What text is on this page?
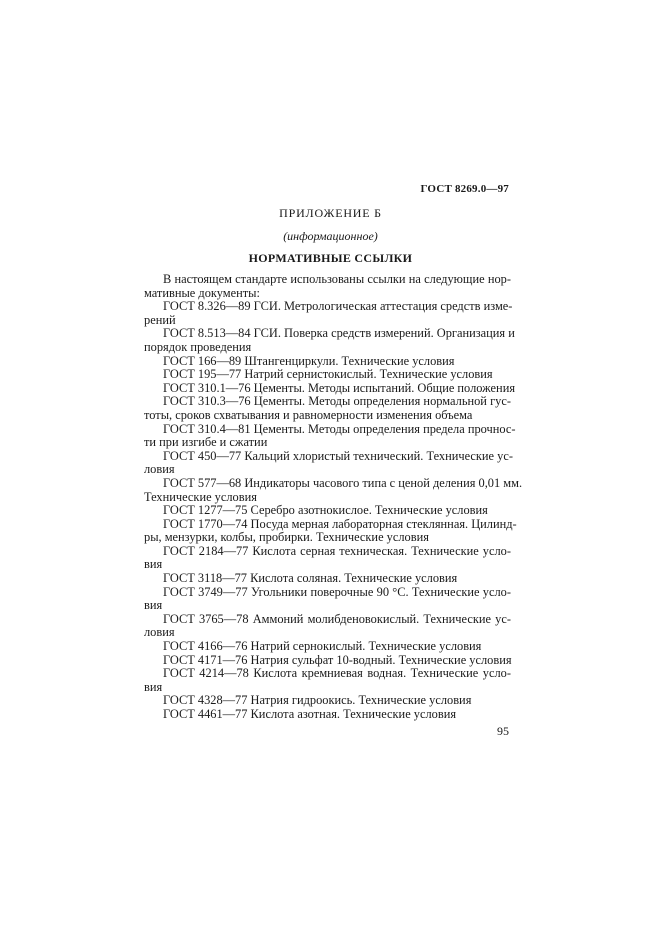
ГОСТ 8269.0—97
ПРИЛОЖЕНИЕ Б
(информационное)
НОРМАТИВНЫЕ ССЫЛКИ
В настоящем стандарте использованы ссылки на следующие нор-
мативные документы:
ГОСТ 8.326—89 ГСИ. Метрологическая аттестация средств изме-
рений
ГОСТ 8.513—84 ГСИ. Поверка средств измерений. Организация и
порядок проведения
ГОСТ 166—89 Штангенциркули. Технические условия
ГОСТ 195—77 Натрий сернистокислый. Технические условия
ГОСТ 310.1—76 Цементы. Методы испытаний. Общие положения
ГОСТ 310.3—76 Цементы. Методы определения нормальной гус-
тоты, сроков схватывания и равномерности изменения объема
ГОСТ 310.4—81 Цементы. Методы определения предела прочнос-
ти при изгибе и сжатии
ГОСТ 450—77 Кальций хлористый технический. Технические ус-
ловия
ГОСТ 577—68 Индикаторы часового типа с ценой деления 0,01 мм.
Технические условия
ГОСТ 1277—75 Серебро азотнокислое. Технические условия
ГОСТ 1770—74 Посуда мерная лабораторная стеклянная. Цилинд-
ры, мензурки, колбы, пробирки. Технические условия
ГОСТ 2184—77 Кислота серная техническая. Технические усло-
вия
ГОСТ 3118—77 Кислота соляная. Технические условия
ГОСТ 3749—77 Угольники поверочные 90 °С. Технические усло-
вия
ГОСТ 3765—78 Аммоний молибденовокислый. Технические ус-
ловия
ГОСТ 4166—76 Натрий сернокислый. Технические условия
ГОСТ 4171—76 Натрия сульфат 10-водный. Технические условия
ГОСТ 4214—78 Кислота кремниевая водная. Технические усло-
вия
ГОСТ 4328—77 Натрия гидроокись. Технические условия
ГОСТ 4461—77 Кислота азотная. Технические условия
95
